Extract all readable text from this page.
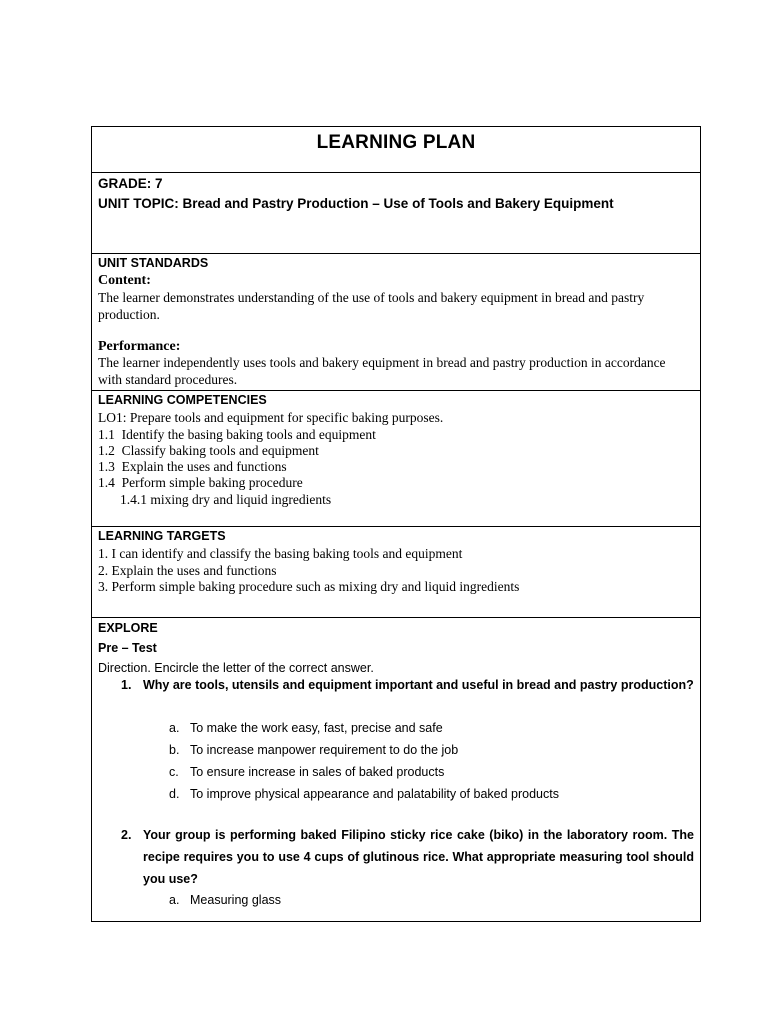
LEARNING PLAN

GRADE: 7
UNIT TOPIC: Bread and Pastry Production – Use of Tools and Bakery Equipment

UNIT STANDARDS
Content:
The learner demonstrates understanding of the use of tools and bakery equipment in bread and pastry production.
Performance:
The learner independently uses tools and bakery equipment in bread and pastry production in accordance with standard procedures.

LEARNING COMPETENCIES
LO1: Prepare tools and equipment for specific baking purposes.
1.1  Identify the basing baking tools and equipment
1.2  Classify baking tools and equipment
1.3  Explain the uses and functions
1.4  Perform simple baking procedure
1.4.1 mixing dry and liquid ingredients

LEARNING TARGETS
1. I can identify and classify the basing baking tools and equipment
2. Explain the uses and functions
3. Perform simple baking procedure such as mixing dry and liquid ingredients

EXPLORE
Pre – Test
Direction. Encircle the letter of the correct answer.
1. Why are tools, utensils and equipment important and useful in bread and pastry production?
a. To make the work easy, fast, precise and safe
b. To increase manpower requirement to do the job
c. To ensure increase in sales of baked products
d. To improve physical appearance and palatability of baked products
2. Your group is performing baked Filipino sticky rice cake (biko) in the laboratory room. The recipe requires you to use 4 cups of glutinous rice. What appropriate measuring tool should you use?
a. Measuring glass
